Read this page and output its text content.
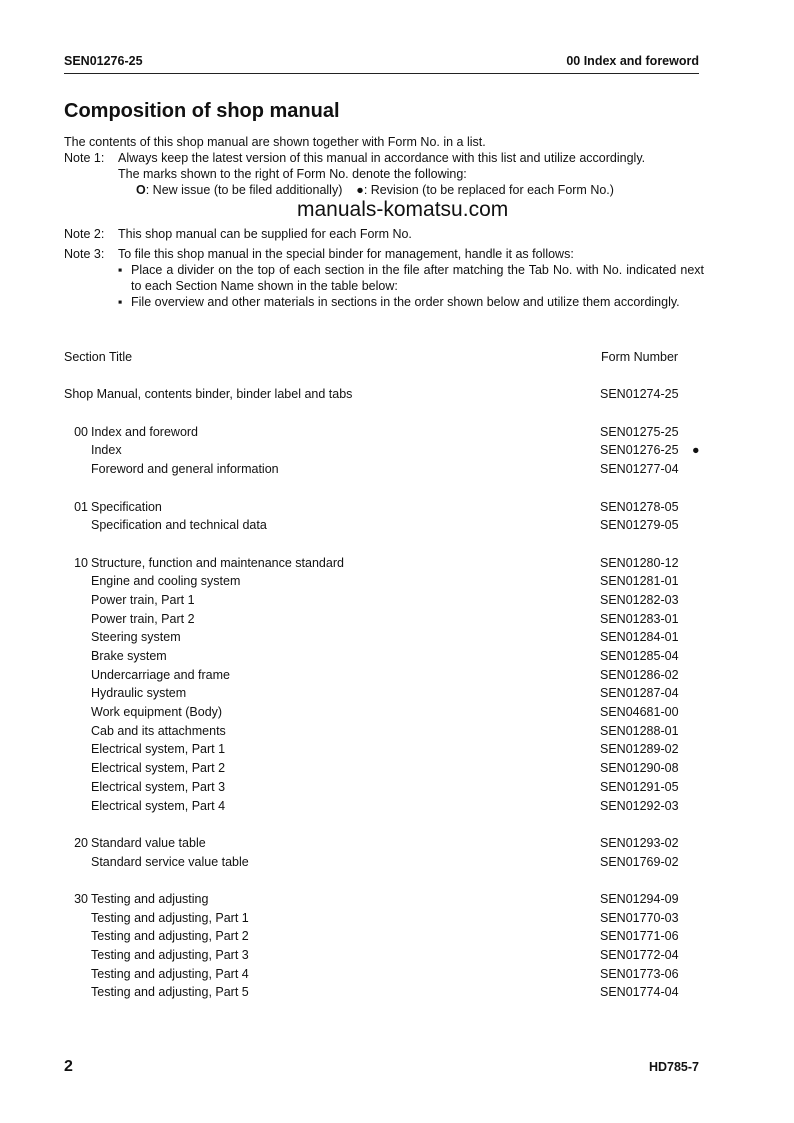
SEN01276-25	00 Index and foreword
Composition of shop manual
The contents of this shop manual are shown together with Form No. in a list.
Note 1:	Always keep the latest version of this manual in accordance with this list and utilize accordingly.
The marks shown to the right of Form No. denote the following:
O: New issue (to be filed additionally) ●: Revision (to be replaced for each Form No.)
manuals-komatsu.com
Note 2:	This shop manual can be supplied for each Form No.
Note 3:	To file this shop manual in the special binder for management, handle it as follows:
▪ Place a divider on the top of each section in the file after matching the Tab No. with No. indicated next to each Section Name shown in the table below:
▪ File overview and other materials in sections in the order shown below and utilize them accordingly.
Section Title	Form Number
Shop Manual, contents binder, binder label and tabs	SEN01274-25
00 Index and foreword	SEN01275-25
Index	SEN01276-25 ●
Foreword and general information	SEN01277-04
01 Specification	SEN01278-05
Specification and technical data	SEN01279-05
10 Structure, function and maintenance standard	SEN01280-12
Engine and cooling system	SEN01281-01
Power train, Part 1	SEN01282-03
Power train, Part 2	SEN01283-01
Steering system	SEN01284-01
Brake system	SEN01285-04
Undercarriage and frame	SEN01286-02
Hydraulic system	SEN01287-04
Work equipment (Body)	SEN04681-00
Cab and its attachments	SEN01288-01
Electrical system, Part 1	SEN01289-02
Electrical system, Part 2	SEN01290-08
Electrical system, Part 3	SEN01291-05
Electrical system, Part 4	SEN01292-03
20 Standard value table	SEN01293-02
Standard service value table	SEN01769-02
30 Testing and adjusting	SEN01294-09
Testing and adjusting, Part 1	SEN01770-03
Testing and adjusting, Part 2	SEN01771-06
Testing and adjusting, Part 3	SEN01772-04
Testing and adjusting, Part 4	SEN01773-06
Testing and adjusting, Part 5	SEN01774-04
2	HD785-7
